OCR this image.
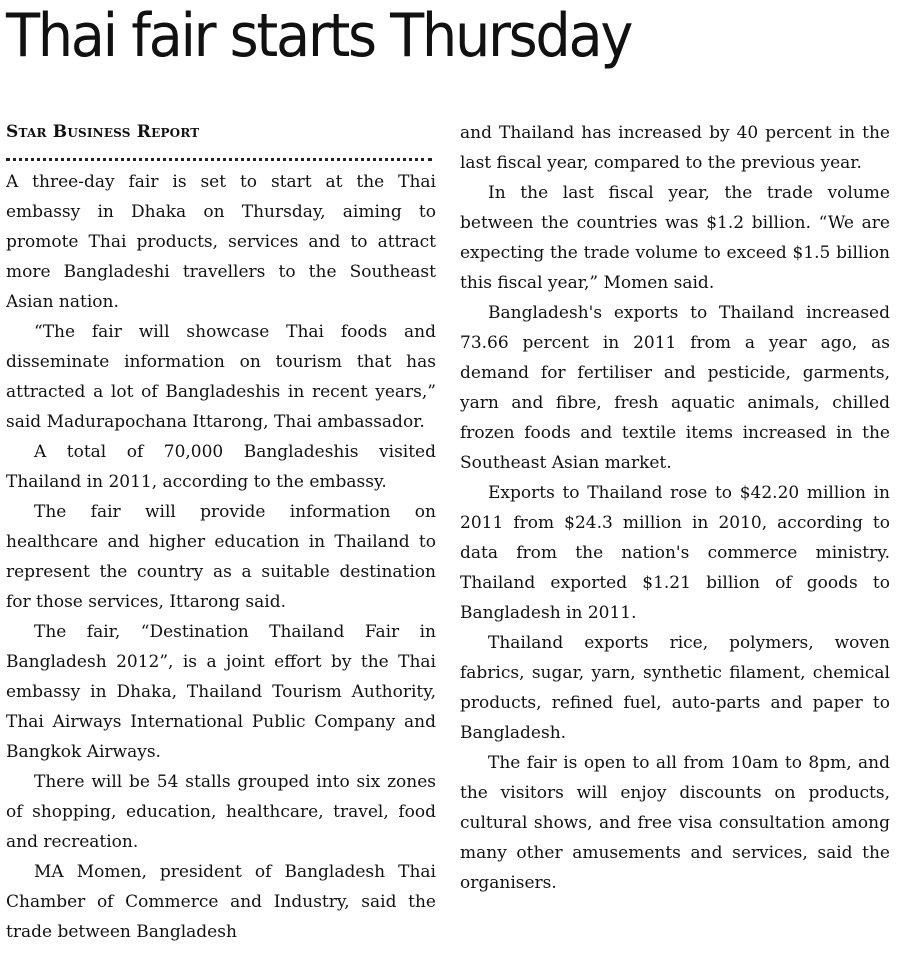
Thai fair starts Thursday
Star Business Report

A three-day fair is set to start at the Thai embassy in Dhaka on Thursday, aiming to promote Thai products, services and to attract more Bangladeshi travellers to the Southeast Asian nation.

“The fair will showcase Thai foods and disseminate information on tourism that has attracted a lot of Bangladeshis in recent years,” said Madurapochana Ittarong, Thai ambassador.

A total of 70,000 Bangladeshis visited Thailand in 2011, according to the embassy.

The fair will provide information on healthcare and higher education in Thailand to represent the country as a suitable destination for those services, Ittarong said.

The fair, “Destination Thailand Fair in Bangladesh 2012”, is a joint effort by the Thai embassy in Dhaka, Thailand Tourism Authority, Thai Airways International Public Company and Bangkok Airways.

There will be 54 stalls grouped into six zones of shopping, education, healthcare, travel, food and recreation.

MA Momen, president of Bangladesh Thai Chamber of Commerce and Industry, said the trade between Bangladesh

and Thailand has increased by 40 percent in the last fiscal year, compared to the previous year.

In the last fiscal year, the trade volume between the countries was $1.2 billion. “We are expecting the trade volume to exceed $1.5 billion this fiscal year,” Momen said.

Bangladesh's exports to Thailand increased 73.66 percent in 2011 from a year ago, as demand for fertiliser and pesticide, garments, yarn and fibre, fresh aquatic animals, chilled frozen foods and textile items increased in the Southeast Asian market.

Exports to Thailand rose to $42.20 million in 2011 from $24.3 million in 2010, according to data from the nation's commerce ministry. Thailand exported $1.21 billion of goods to Bangladesh in 2011.

Thailand exports rice, polymers, woven fabrics, sugar, yarn, synthetic filament, chemical products, refined fuel, auto-parts and paper to Bangladesh.

The fair is open to all from 10am to 8pm, and the visitors will enjoy discounts on products, cultural shows, and free visa consultation among many other amusements and services, said the organisers.
